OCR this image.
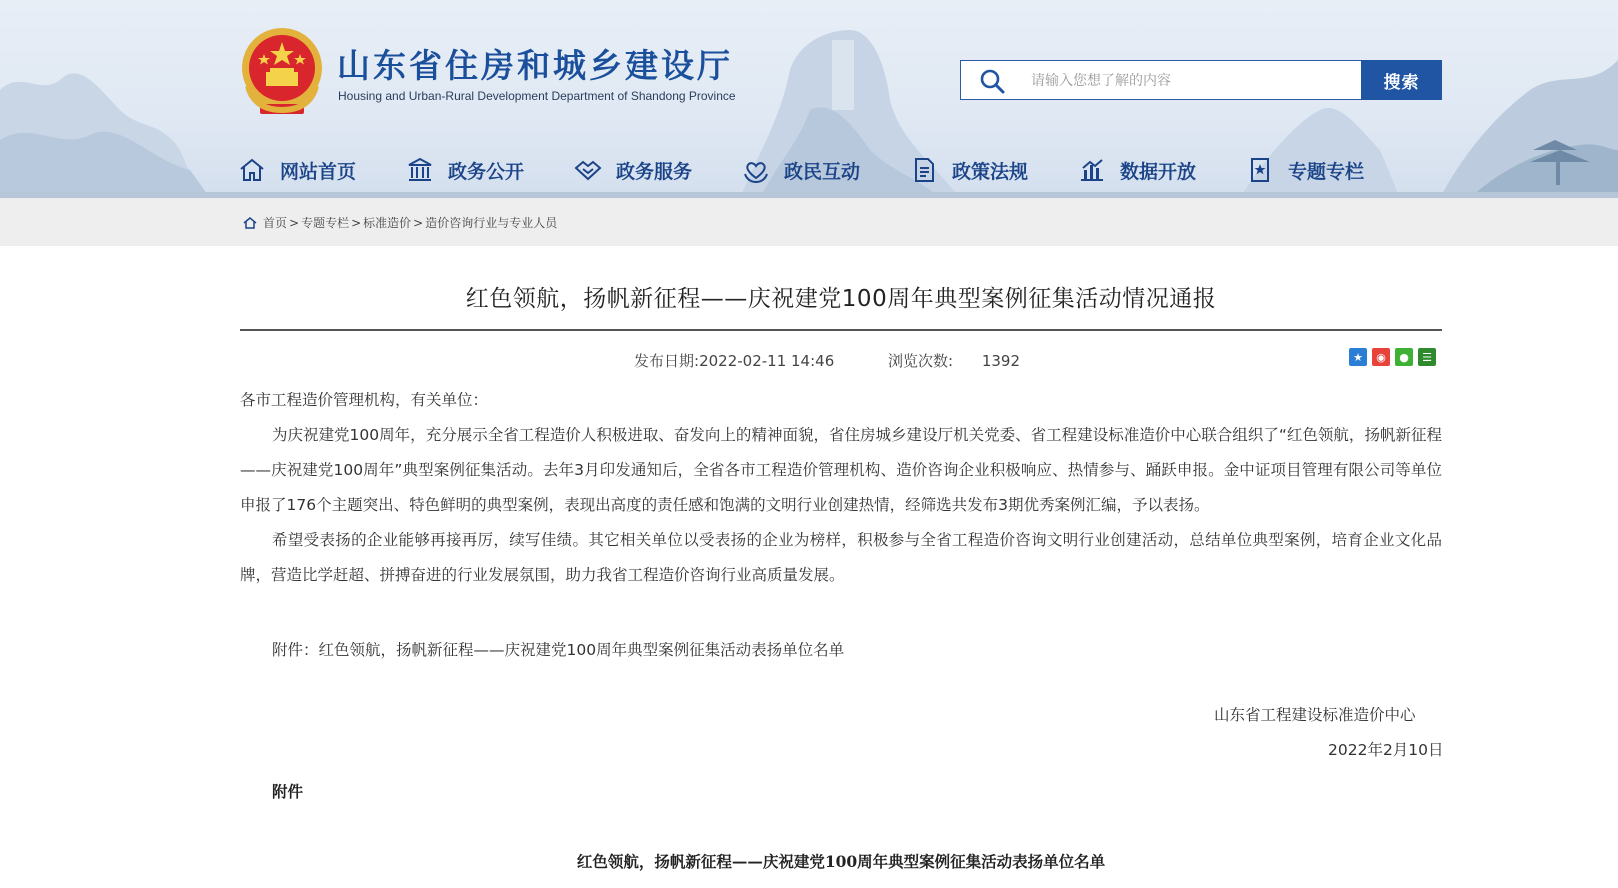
山东省住房和城乡建设厅
Housing and Urban-Rural Development Department of Shandong Province
请输入您想了解的内容
搜索
网站首页	政务公开	政务服务	政民互动	政策法规	数据开放	专题专栏
首页 > 专题专栏 > 标准造价 > 造价咨询行业与专业人员
红色领航，扬帆新征程——庆祝建党100周年典型案例征集活动情况通报
发布日期:2022-02-11 14:46	浏览次数: 1392	★	◉	●	☰
各市工程造价管理机构，有关单位：
为庆祝建党100周年，充分展示全省工程造价人积极进取、奋发向上的精神面貌，省住房城乡建设厅机关党委、省工程建设标准造价中心联合组织了“红色领航，扬帆新征程——庆祝建党100周年”典型案例征集活动。去年3月印发通知后，全省各市工程造价管理机构、造价咨询企业积极响应、热情参与、踊跃申报。金中证项目管理有限公司等单位申报了176个主题突出、特色鲜明的典型案例，表现出高度的责任感和饱满的文明行业创建热情，经筛选共发布3期优秀案例汇编，予以表扬。
希望受表扬的企业能够再接再厉，续写佳绩。其它相关单位以受表扬的企业为榜样，积极参与全省工程造价咨询文明行业创建活动，总结单位典型案例，培育企业文化品牌，营造比学赶超、拼搏奋进的行业发展氛围，助力我省工程造价咨询行业高质量发展。
附件：红色领航，扬帆新征程——庆祝建党100周年典型案例征集活动表扬单位名单
山东省工程建设标准造价中心
2022年2月10日
附件
红色领航，扬帆新征程——庆祝建党100周年典型案例征集活动表扬单位名单
